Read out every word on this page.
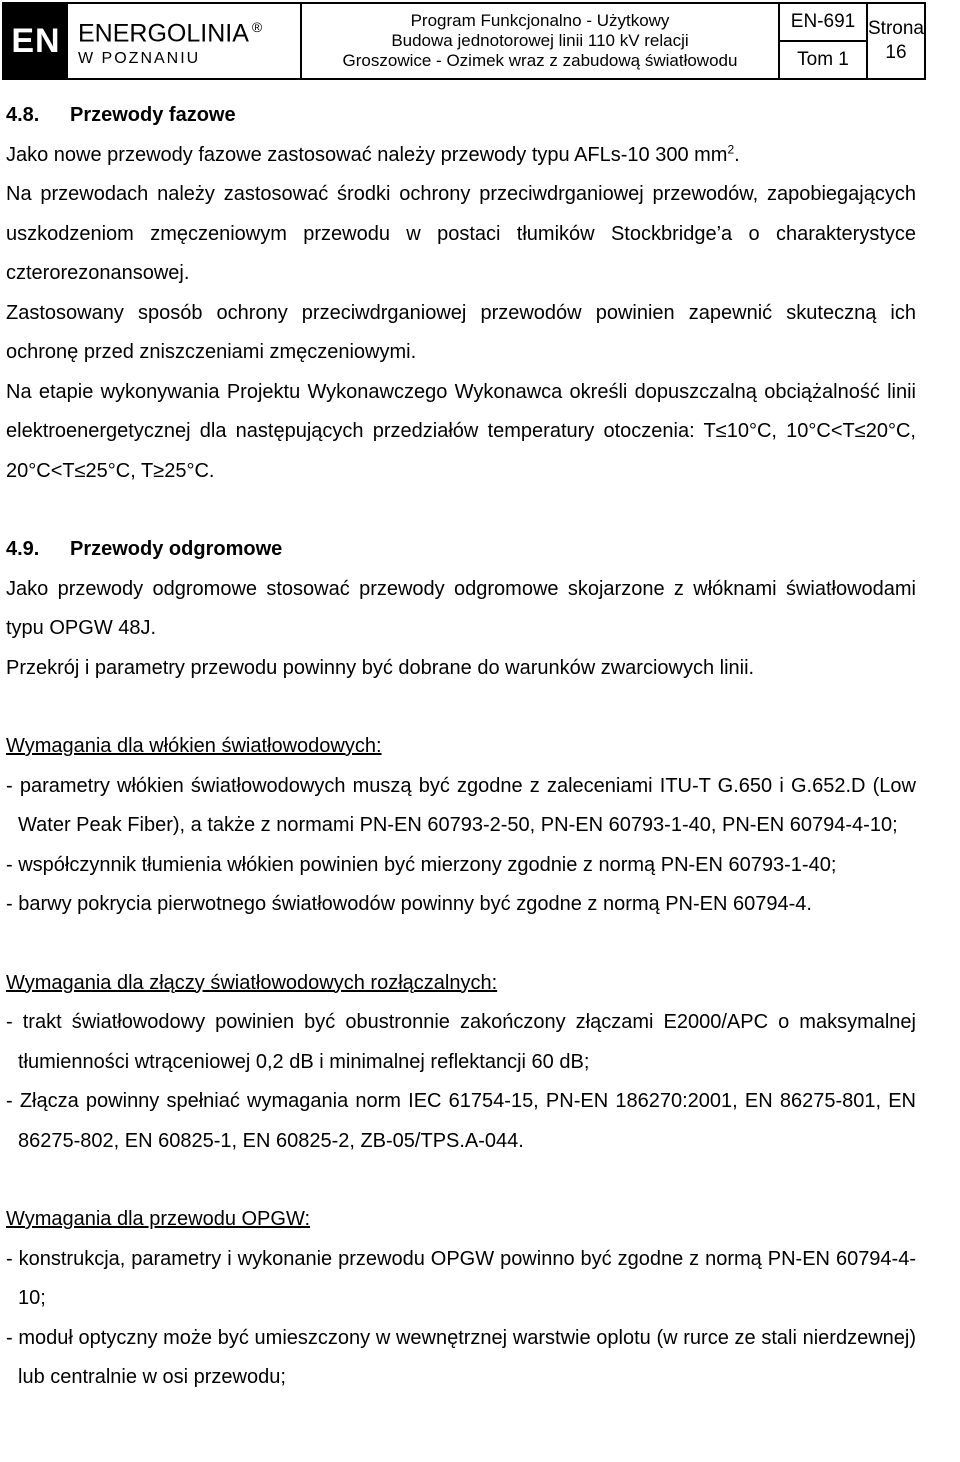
EN ENERGOLINIA ®
W POZNANIU
Program Funkcjonalno - Użytkowy
Budowa jednotorowej linii 110 kV relacji
Groszowice - Ozimek wraz z zabudową światłowodu
EN-691
Tom 1
Strona
16

4.8. Przewody fazowe

Jako nowe przewody fazowe zastosować należy przewody typu AFLs-10 300 $mm^2$.

Na przewodach należy zastosować środki ochrony przeciwdrganiowej przewodów, zapobiegających uszkodzeniom zmęczeniowym przewodu w postaci tłumików Stockbridge’a o charakterystyce czterorezonansowej.

Zastosowany sposób ochrony przeciwdrganiowej przewodów powinien zapewnić skuteczną ich ochronę przed zniszczeniami zmęczeniowymi.

Na etapie wykonywania Projektu Wykonawczego Wykonawca określi dopuszczalną obciążalność linii elektroenergetycznej dla następujących przedziałów temperatury otoczenia: T≤10°C, 10°C<T≤20°C, 20°C<T≤25°C, T≥25°C.

4.9. Przewody odgromowe

Jako przewody odgromowe stosować przewody odgromowe skojarzone z włóknami światłowodami typu OPGW 48J.

Przekrój i parametry przewodu powinny być dobrane do warunków zwarciowych linii.

Wymagania dla włókien światłowodowych:

- parametry włókien światłowodowych muszą być zgodne z zaleceniami ITU-T G.650 i G.652.D (Low Water Peak Fiber), a także z normami PN-EN 60793-2-50, PN-EN 60793-1-40, PN-EN 60794-4-10;

- współczynnik tłumienia włókien powinien być mierzony zgodnie z normą PN-EN 60793-1-40;

- barwy pokrycia pierwotnego światłowodów powinny być zgodne z normą PN-EN 60794-4.

Wymagania dla złączy światłowodowych rozłączalnych:

- trakt światłowodowy powinien być obustronnie zakończony złączami E2000/APC o maksymalnej tłumienności wtrąceniowej 0,2 dB i minimalnej reflektancji 60 dB;

- Złącza powinny spełniać wymagania norm IEC 61754-15, PN-EN 186270:2001, EN 86275-801, EN 86275-802, EN 60825-1, EN 60825-2, ZB-05/TPS.A-044.

Wymagania dla przewodu OPGW:

- konstrukcja, parametry i wykonanie przewodu OPGW powinno być zgodne z normą PN-EN 60794-4-10;

- moduł optyczny może być umieszczony w wewnętrznej warstwie oplotu (w rurce ze stali nierdzewnej) lub centralnie w osi przewodu;
